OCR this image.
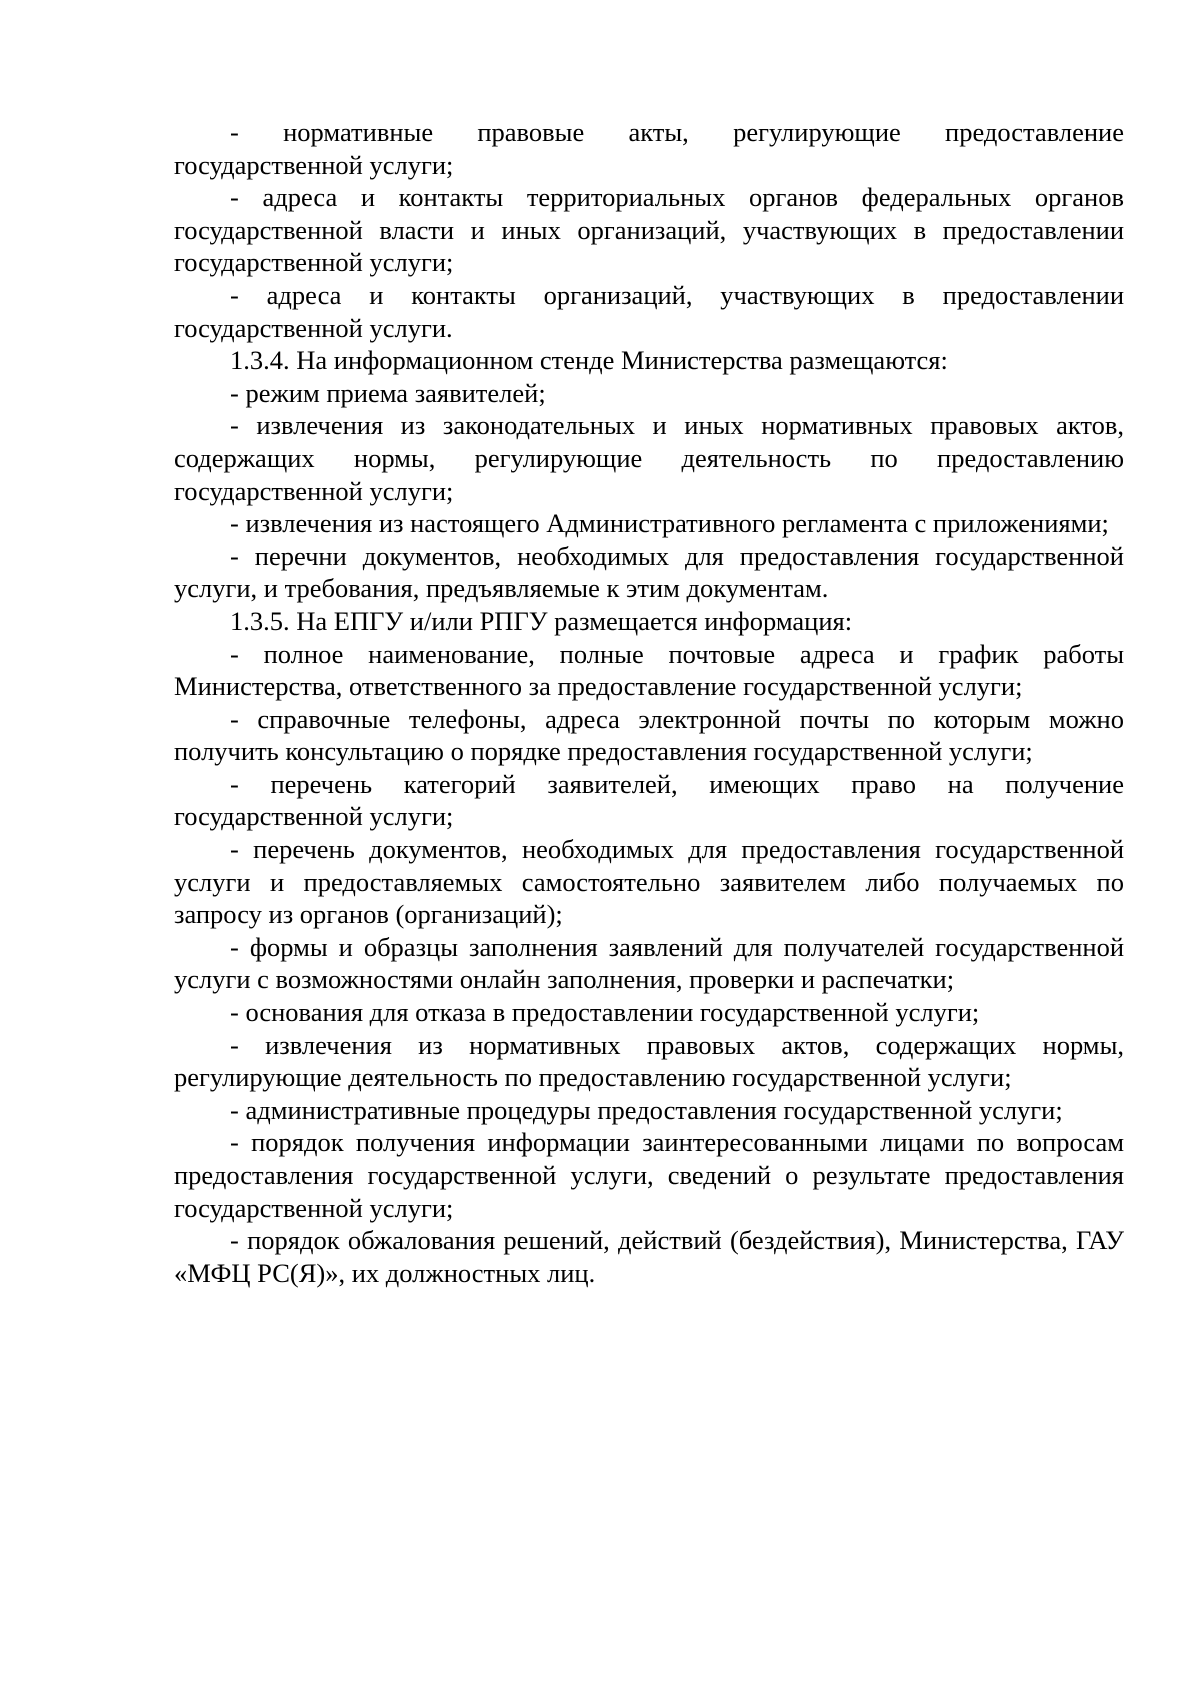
- нормативные правовые акты, регулирующие предоставление государственной услуги;

- адреса и контакты территориальных органов федеральных органов государственной власти и иных организаций, участвующих в предоставлении государственной услуги;

- адреса и контакты организаций, участвующих в предоставлении государственной услуги.

1.3.4. На информационном стенде Министерства размещаются:

- режим приема заявителей;

- извлечения из законодательных и иных нормативных правовых актов, содержащих нормы, регулирующие деятельность по предоставлению государственной услуги;

- извлечения из настоящего Административного регламента с приложениями;

- перечни документов, необходимых для предоставления государственной услуги, и требования, предъявляемые к этим документам.

1.3.5. На ЕПГУ и/или РПГУ размещается информация:

- полное наименование, полные почтовые адреса и график работы Министерства, ответственного за предоставление государственной услуги;

- справочные телефоны, адреса электронной почты по которым можно получить консультацию о порядке предоставления государственной услуги;

- перечень категорий заявителей, имеющих право на получение государственной услуги;

- перечень документов, необходимых для предоставления государственной услуги и предоставляемых самостоятельно заявителем либо получаемых по запросу из органов (организаций);

- формы и образцы заполнения заявлений для получателей государственной услуги с возможностями онлайн заполнения, проверки и распечатки;

- основания для отказа в предоставлении государственной услуги;

- извлечения из нормативных правовых актов, содержащих нормы, регулирующие деятельность по предоставлению государственной услуги;

- административные процедуры предоставления государственной услуги;

- порядок получения информации заинтересованными лицами по вопросам предоставления государственной услуги, сведений о результате предоставления государственной услуги;

- порядок обжалования решений, действий (бездействия), Министерства, ГАУ «МФЦ РС(Я)», их должностных лиц.
